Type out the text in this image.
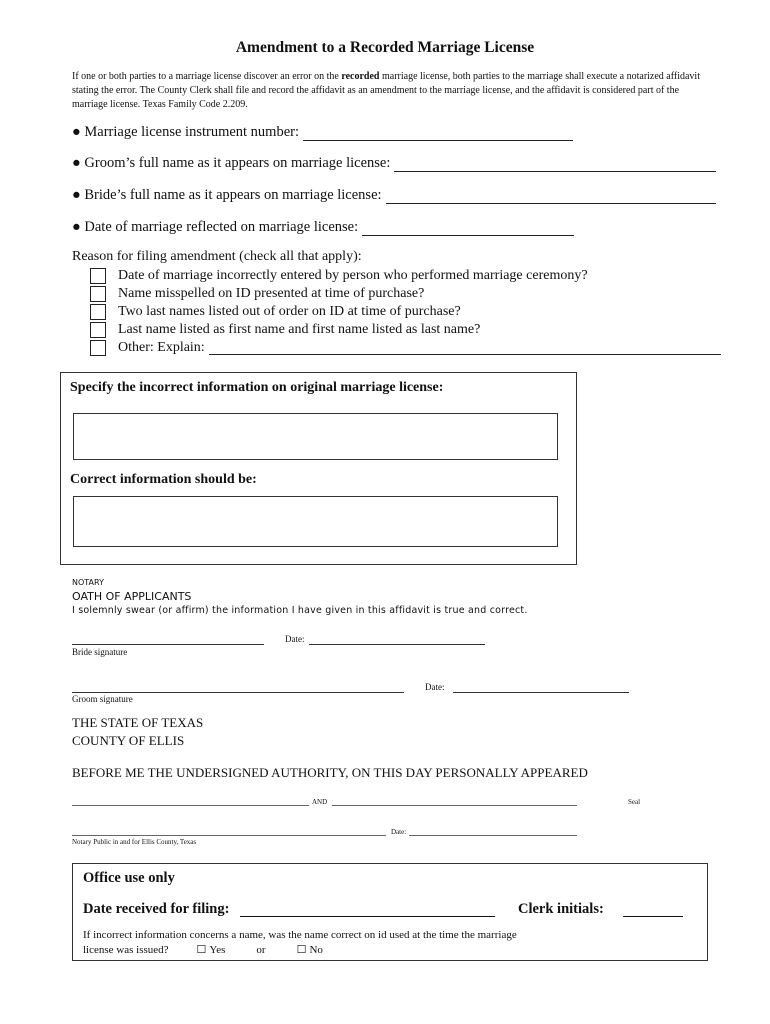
Amendment to a Recorded Marriage License
If one or both parties to a marriage license discover an error on the recorded marriage license, both parties to the marriage shall execute a notarized affidavit stating the error. The County Clerk shall file and record the affidavit as an amendment to the marriage license, and the affidavit is considered part of the marriage license. Texas Family Code 2.209.
●
Marriage license instrument number:
●
Groom’s full name as it appears on marriage license:
●
Bride’s full name as it appears on marriage license:
●
Date of marriage reflected on marriage license:
Reason for filing amendment (check all that apply):
Date of marriage incorrectly entered by person who performed marriage ceremony?
Name misspelled on ID presented at time of purchase?
Two last names listed out of order on ID at time of purchase?
Last name listed as first name and first name listed as last name?
Other: Explain:
Specify the incorrect information on original marriage license:
Correct information should be:
NOTARY
OATH OF APPLICANTS
I solemnly swear (or affirm) the information I have given in this affidavit is true and correct.
Date:
Bride signature
Date:
Groom signature
THE STATE OF TEXAS
COUNTY OF ELLIS
BEFORE ME THE UNDERSIGNED AUTHORITY, ON THIS DAY PERSONALLY APPEARED
AND	Seal
Date:
Notary Public in and for Ellis County, Texas
Office use only
Date received for filing:	Clerk initials:
If incorrect information concerns a name, was the name correct on id used at the time the marriage
license was issued?	☐ Yes	or	☐ No
